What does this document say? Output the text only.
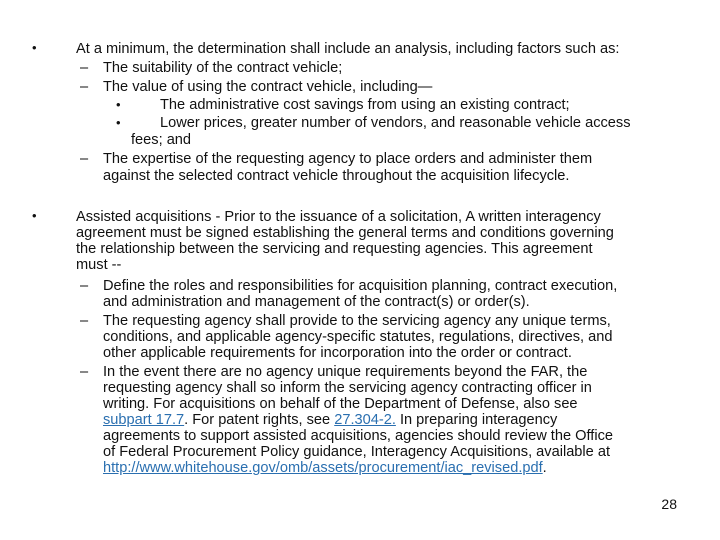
•	At a minimum, the determination shall include an analysis, including factors such as:
– The suitability of the contract vehicle;
– The value of using the contract vehicle, including—
•	The administrative cost savings from using an existing contract;
•	Lower prices, greater number of vendors, and reasonable vehicle access
fees; and
– The expertise of the requesting agency to place orders and administer them
against the selected contract vehicle throughout the acquisition lifecycle.
•	Assisted acquisitions - Prior to the issuance of a solicitation, A written interagency
agreement must be signed establishing the general terms and conditions governing
the relationship between the servicing and requesting agencies. This agreement
must --
– Define the roles and responsibilities for acquisition planning, contract execution,
and administration and management of the contract(s) or order(s).
– The requesting agency shall provide to the servicing agency any unique terms,
conditions, and applicable agency-specific statutes, regulations, directives, and
other applicable requirements for incorporation into the order or contract.
– In the event there are no agency unique requirements beyond the FAR, the
requesting agency shall so inform the servicing agency contracting officer in
writing. For acquisitions on behalf of the Department of Defense, also see
subpart 17.7. For patent rights, see 27.304-2. In preparing interagency
agreements to support assisted acquisitions, agencies should review the Office
of Federal Procurement Policy guidance, Interagency Acquisitions, available at
http://www.whitehouse.gov/omb/assets/procurement/iac_revised.pdf.
28
